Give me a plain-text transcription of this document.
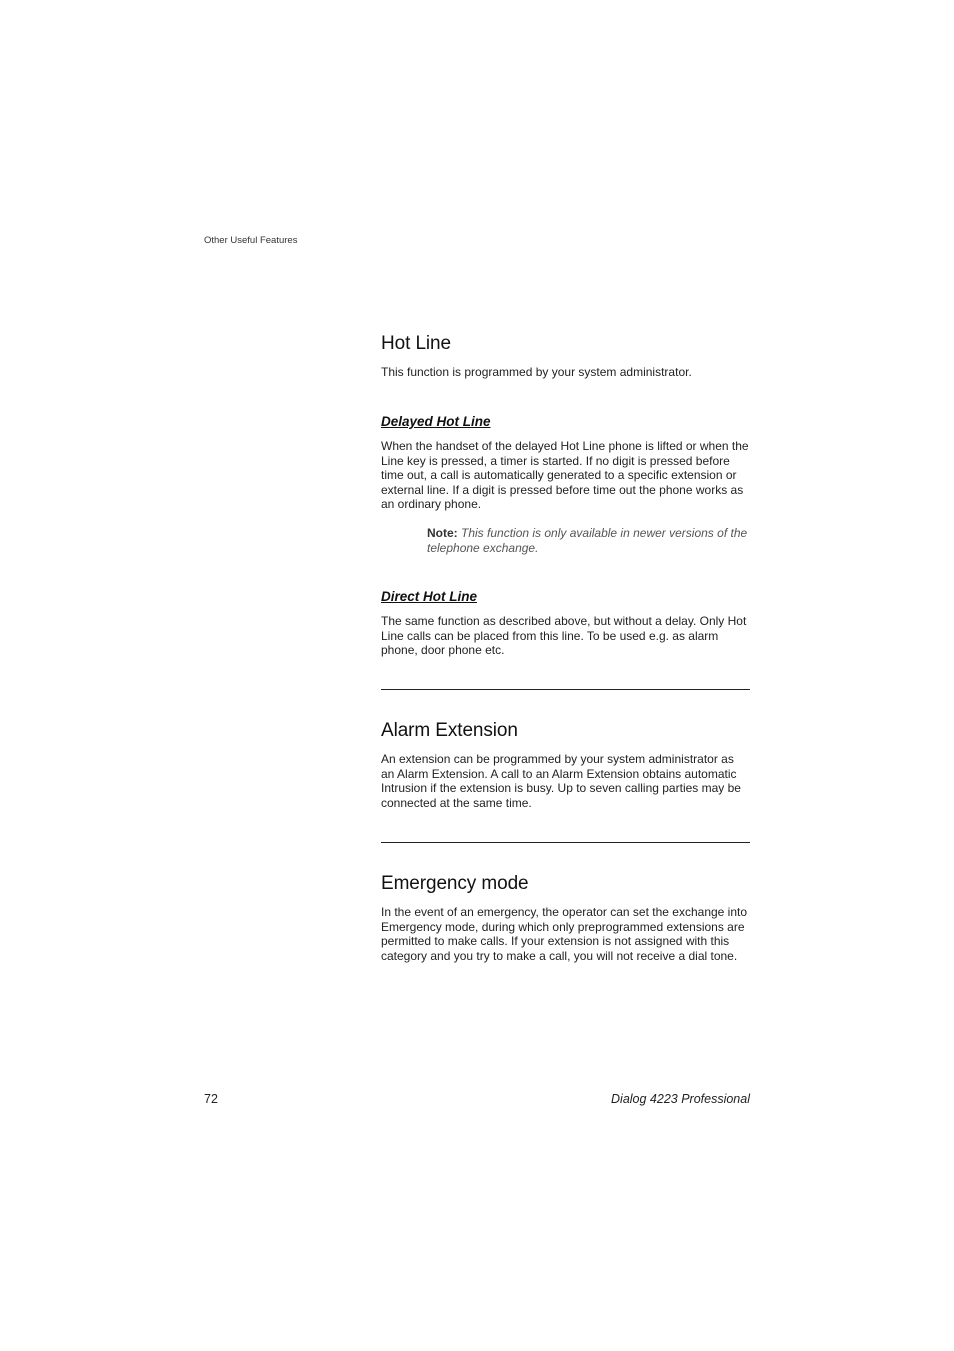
Other Useful Features
Hot Line

This function is programmed by your system administrator.

Delayed Hot Line

When the handset of the delayed Hot Line phone is lifted or when the Line key is pressed, a timer is started. If no digit is pressed before time out, a call is automatically generated to a specific extension or external line. If a digit is pressed before time out the phone works as an ordinary phone.

Note: This function is only available in newer versions of the telephone exchange.
Direct Hot Line

The same function as described above, but without a delay. Only Hot Line calls can be placed from this line. To be used e.g. as alarm phone, door phone etc.

Alarm Extension

An extension can be programmed by your system administrator as an Alarm Extension. A call to an Alarm Extension obtains automatic Intrusion if the extension is busy. Up to seven calling parties may be connected at the same time.

Emergency mode

In the event of an emergency, the operator can set the exchange into Emergency mode, during which only preprogrammed extensions are permitted to make calls. If your extension is not assigned with this category and you try to make a call, you will not receive a dial tone.

72	Dialog 4223 Professional
